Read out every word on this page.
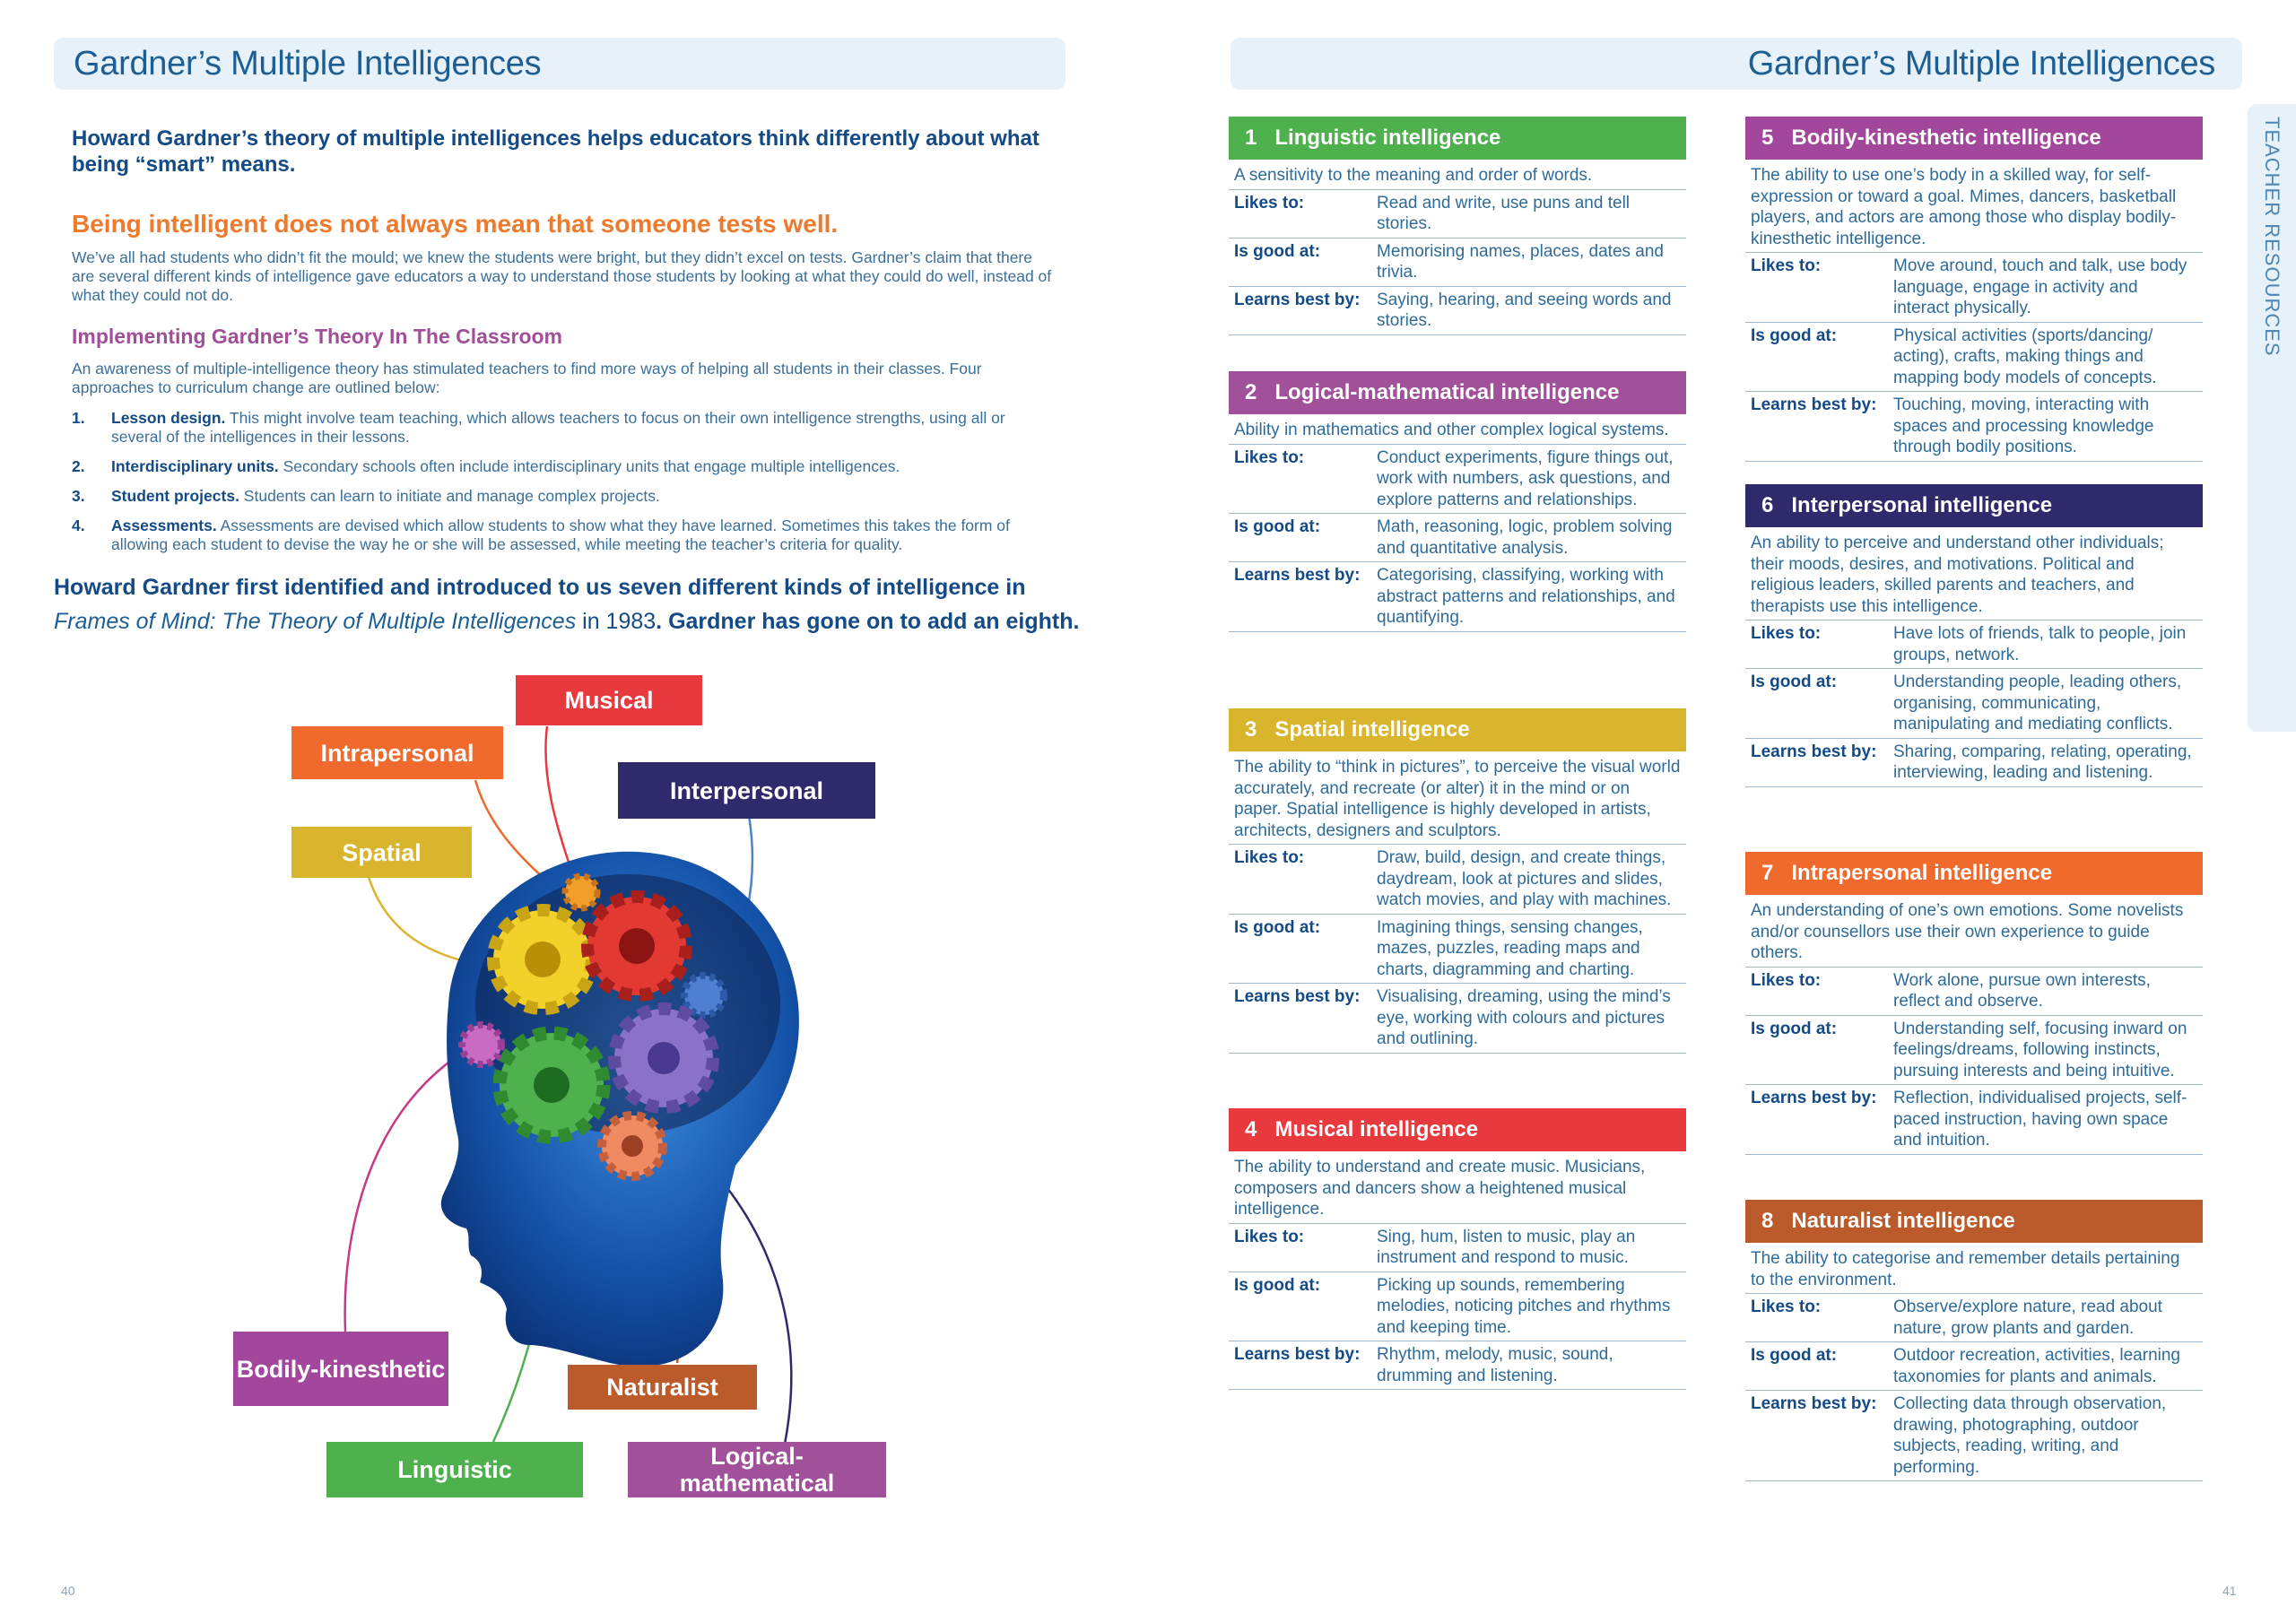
Gardner’s Multiple Intelligences
Howard Gardner’s theory of multiple intelligences helps educators think differently about what being “smart” means.
Being intelligent does not always mean that someone tests well.
We’ve all had students who didn’t fit the mould; we knew the students were bright, but they didn’t excel on tests. Gardner’s claim that there are several different kinds of intelligence gave educators a way to understand those students by looking at what they could do well, instead of what they could not do.
Implementing Gardner’s Theory In The Classroom
An awareness of multiple-intelligence theory has stimulated teachers to find more ways of helping all students in their classes. Four approaches to curriculum change are outlined below:
1. Lesson design. This might involve team teaching, which allows teachers to focus on their own intelligence strengths, using all or several of the intelligences in their lessons.
2. Interdisciplinary units. Secondary schools often include interdisciplinary units that engage multiple intelligences.
3. Student projects. Students can learn to initiate and manage complex projects.
4. Assessments. Assessments are devised which allow students to show what they have learned. Sometimes this takes the form of allowing each student to devise the way he or she will be assessed, while meeting the teacher’s criteria for quality.
Howard Gardner first identified and introduced to us seven different kinds of intelligence in
Frames of Mind: The Theory of Multiple Intelligences in 1983. Gardner has gone on to add an eighth.
Musical
Intrapersonal
Interpersonal
Spatial
Bodily-kinesthetic
Naturalist
Linguistic	Logical-
mathematical
40
Gardner’s Multiple Intelligences
1 Linguistic intelligence
A sensitivity to the meaning and order of words.
Likes to:	Read and write, use puns and tell stories.
Is good at:	Memorising names, places, dates and trivia.
Learns best by: Saying, hearing, and seeing words and stories.
2 Logical-mathematical intelligence
Ability in mathematics and other complex logical systems.
Likes to:	Conduct experiments, figure things out, work with numbers, ask questions, and explore patterns and relationships.
Is good at:	Math, reasoning, logic, problem solving and quantitative analysis.
Learns best by: Categorising, classifying, working with abstract patterns and relationships, and quantifying.
3 Spatial intelligence
The ability to “think in pictures”, to perceive the visual world accurately, and recreate (or alter) it in the mind or on paper. Spatial intelligence is highly developed in artists, architects, designers and sculptors.
Likes to:	Draw, build, design, and create things, daydream, look at pictures and slides, watch movies, and play with machines.
Is good at:	Imagining things, sensing changes, mazes, puzzles, reading maps and charts, diagramming and charting.
Learns best by: Visualising, dreaming, using the mind’s eye, working with colours and pictures and outlining.
4 Musical intelligence
The ability to understand and create music. Musicians, composers and dancers show a heightened musical intelligence.
Likes to:	Sing, hum, listen to music, play an instrument and respond to music.
Is good at:	Picking up sounds, remembering melodies, noticing pitches and rhythms and keeping time.
Learns best by: Rhythm, melody, music, sound, drumming and listening.
5 Bodily-kinesthetic intelligence
The ability to use one’s body in a skilled way, for self-expression or toward a goal. Mimes, dancers, basketball players, and actors are among those who display bodily-kinesthetic intelligence.
Likes to:	Move around, touch and talk, use body language, engage in activity and interact physically.
Is good at:	Physical activities (sports/dancing/ acting), crafts, making things and mapping body models of concepts.
Learns best by: Touching, moving, interacting with spaces and processing knowledge through bodily positions.
6 Interpersonal intelligence
An ability to perceive and understand other individuals; their moods, desires, and motivations. Political and religious leaders, skilled parents and teachers, and therapists use this intelligence.
Likes to:	Have lots of friends, talk to people, join groups, network.
Is good at:	Understanding people, leading others, organising, communicating, manipulating and mediating conflicts.
Learns best by: Sharing, comparing, relating, operating, interviewing, leading and listening.
7 Intrapersonal intelligence
An understanding of one’s own emotions. Some novelists and/or counsellors use their own experience to guide others.
Likes to:	Work alone, pursue own interests, reflect and observe.
Is good at:	Understanding self, focusing inward on feelings/dreams, following instincts, pursuing interests and being intuitive.
Learns best by: Reflection, individualised projects, self-paced instruction, having own space and intuition.
8 Naturalist intelligence
The ability to categorise and remember details pertaining to the environment.
Likes to:	Observe/explore nature, read about nature, grow plants and garden.
Is good at:	Outdoor recreation, activities, learning taxonomies for plants and animals.
Learns best by: Collecting data through observation, drawing, photographing, outdoor subjects, reading, writing, and performing.
TEACHER RESOURCES
41
